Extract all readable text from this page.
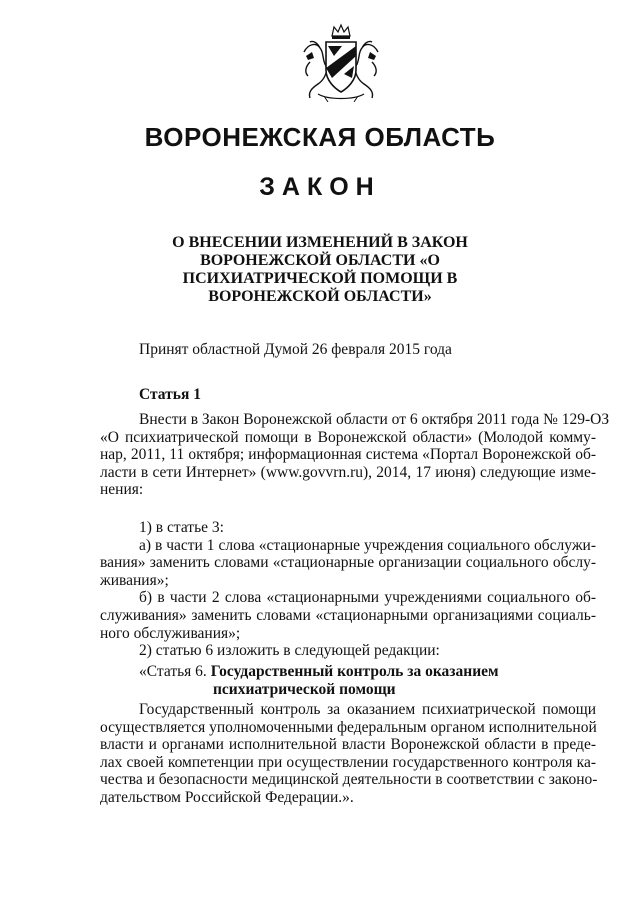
ВОРОНЕЖСКАЯ ОБЛАСТЬ
ЗАКОН
О ВНЕСЕНИИ ИЗМЕНЕНИЙ В ЗАКОН
ВОРОНЕЖСКОЙ ОБЛАСТИ «О
ПСИХИАТРИЧЕСКОЙ ПОМОЩИ В
ВОРОНЕЖСКОЙ ОБЛАСТИ»
Принят областной Думой 26 февраля 2015 года
Статья 1

Внести в Закон Воронежской области от 6 октября 2011 года № 129-ОЗ
«О психиатрической помощи в Воронежской области» (Молодой комму-
нар, 2011, 11 октября; информационная система «Портал Воронежской об-
ласти в сети Интернет» (www.govvrn.ru), 2014, 17 июня) следующие изме-
нения:

1) в статье 3:
а) в части 1 слова «стационарные учреждения социального обслужи-
вания» заменить словами «стационарные организации социального обслу-
живания»;
б) в части 2 слова «стационарными учреждениями социального об-
служивания» заменить словами «стационарными организациями социаль-
ного обслуживания»;
2) статью 6 изложить в следующей редакции:

«Статья 6. Государственный контроль за оказанием
психиатрической помощи

Государственный контроль за оказанием психиатрической помощи
осуществляется уполномоченными федеральным органом исполнительной
власти и органами исполнительной власти Воронежской области в преде-
лах своей компетенции при осуществлении государственного контроля ка-
чества и безопасности медицинской деятельности в соответствии с законо-
дательством Российской Федерации.».
